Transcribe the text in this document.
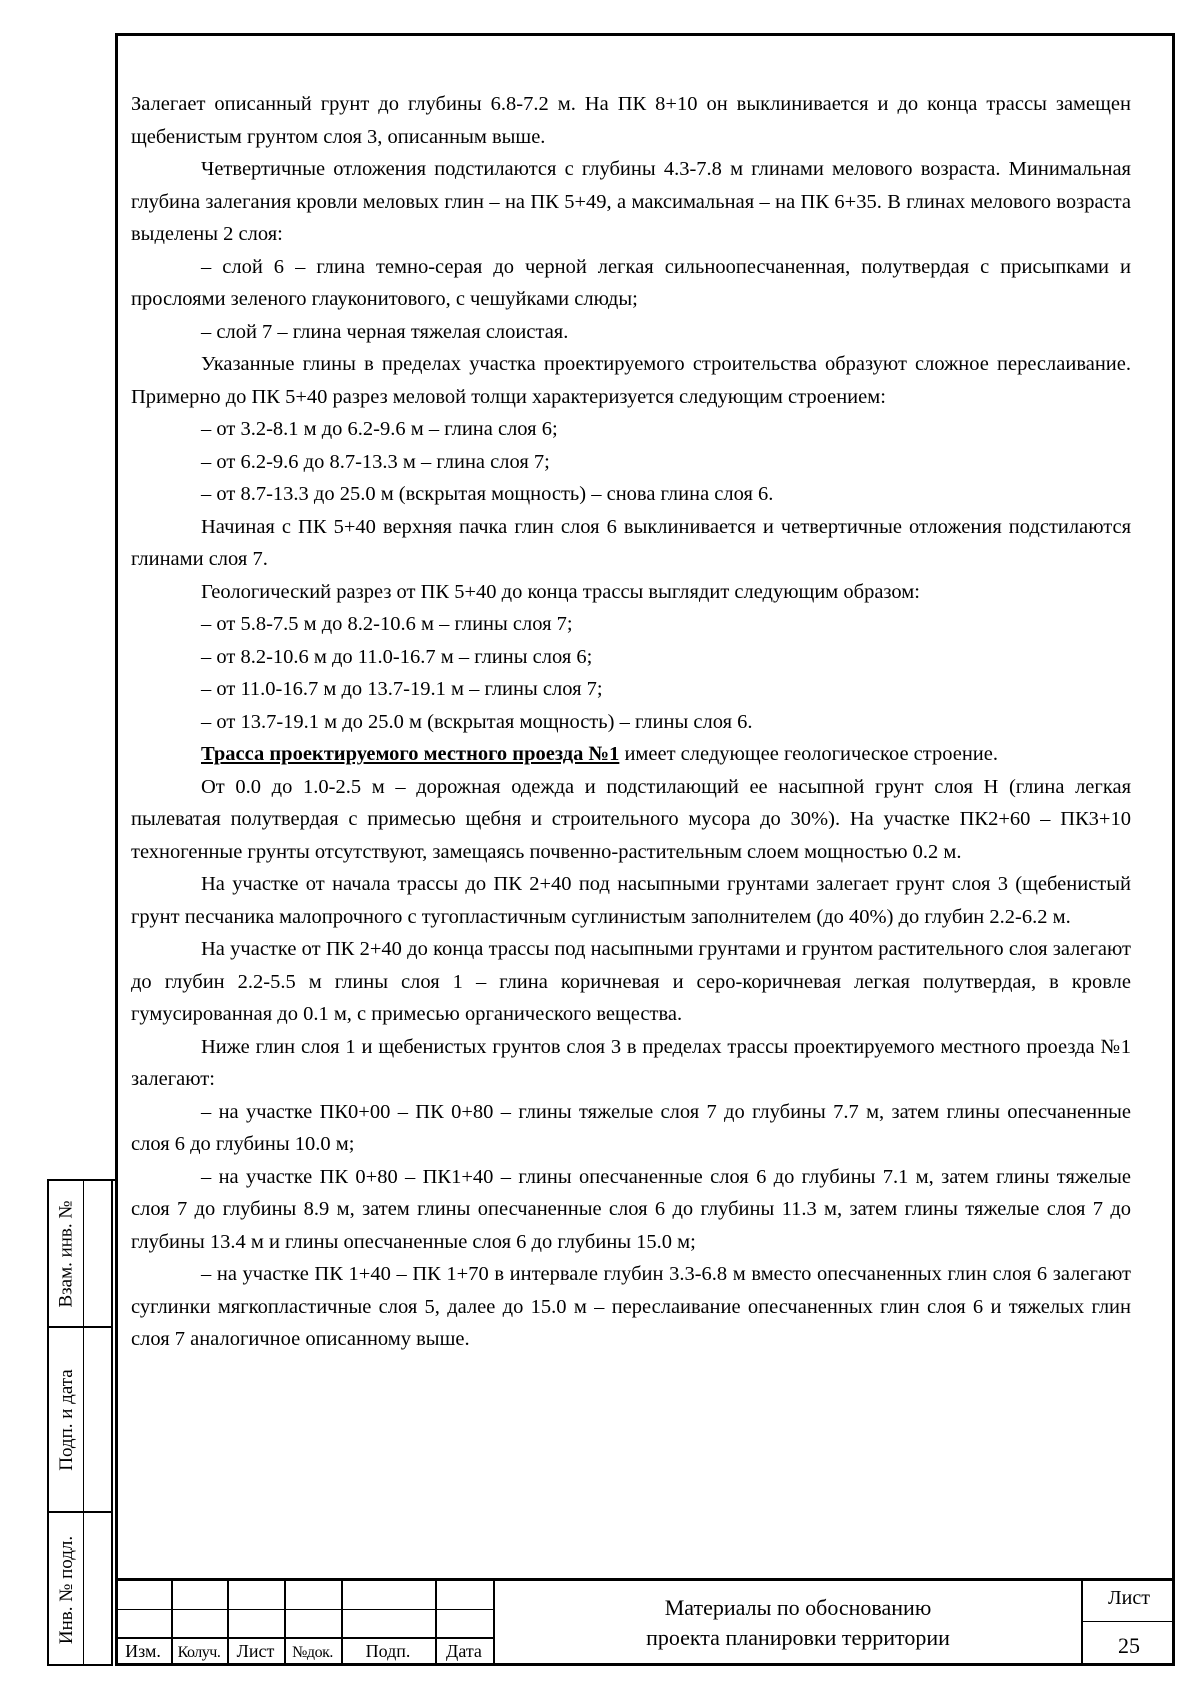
Залегает описанный грунт до глубины 6.8-7.2 м. На ПК 8+10 он выклинивается и до конца трассы замещен щебенистым грунтом слоя 3, описанным выше.

Четвертичные отложения подстилаются с глубины 4.3-7.8 м глинами мелового возраста. Минимальная глубина залегания кровли меловых глин – на ПК 5+49, а максимальная – на ПК 6+35. В глинах мелового возраста выделены 2 слоя:

– слой 6 – глина темно-серая до черной легкая сильноопесчаненная, полутвердая с присыпками и прослоями зеленого глауконитового, с чешуйками слюды;

– слой 7 – глина черная тяжелая слоистая.

Указанные глины в пределах участка проектируемого строительства образуют сложное переслаивание. Примерно до ПК 5+40 разрез меловой толщи характеризуется следующим строением:

– от 3.2-8.1 м до 6.2-9.6 м – глина слоя 6;

– от 6.2-9.6 до 8.7-13.3 м – глина слоя 7;

– от 8.7-13.3 до 25.0 м (вскрытая мощность) – снова глина слоя 6.

Начиная с ПК 5+40 верхняя пачка глин слоя 6 выклинивается и четвертичные отложения подстилаются глинами слоя 7.

Геологический разрез от ПК 5+40 до конца трассы выглядит следующим образом:

– от 5.8-7.5 м до 8.2-10.6 м – глины слоя 7;

– от 8.2-10.6 м до 11.0-16.7 м – глины слоя 6;

– от 11.0-16.7 м до 13.7-19.1 м – глины слоя 7;

– от 13.7-19.1 м до 25.0 м (вскрытая мощность) – глины слоя 6.

Трасса проектируемого местного проезда №1 имеет следующее геологическое строение.

От 0.0 до 1.0-2.5 м – дорожная одежда и подстилающий ее насыпной грунт слоя Н (глина легкая пылеватая полутвердая с примесью щебня и строительного мусора до 30%). На участке ПК2+60 – ПК3+10 техногенные грунты отсутствуют, замещаясь почвенно-растительным слоем мощностью 0.2 м.

На участке от начала трассы до ПК 2+40 под насыпными грунтами залегает грунт слоя 3 (щебенистый грунт песчаника малопрочного с тугопластичным суглинистым заполнителем (до 40%) до глубин 2.2-6.2 м.

На участке от ПК 2+40 до конца трассы под насыпными грунтами и грунтом растительного слоя залегают до глубин 2.2-5.5 м глины слоя 1 – глина коричневая и серо-коричневая легкая полутвердая, в кровле гумусированная до 0.1 м, с примесью органического вещества.

Ниже глин слоя 1 и щебенистых грунтов слоя 3 в пределах трассы проектируемого местного проезда №1 залегают:

– на участке ПК0+00 – ПК 0+80 – глины тяжелые слоя 7 до глубины 7.7 м, затем глины опесчаненные слоя 6 до глубины 10.0 м;

– на участке ПК 0+80 – ПК1+40 – глины опесчаненные слоя 6 до глубины 7.1 м, затем глины тяжелые слоя 7 до глубины 8.9 м, затем глины опесчаненные слоя 6 до глубины 11.3 м, затем глины тяжелые слоя 7 до глубины 13.4 м и глины опесчаненные слоя 6 до глубины 15.0 м;

– на участке ПК 1+40 – ПК 1+70 в интервале глубин 3.3-6.8 м вместо опесчаненных глин слоя 6 залегают суглинки мягкопластичные слоя 5, далее до 15.0 м – переслаивание опесчаненных глин слоя 6 и тяжелых глин слоя 7 аналогичное описанному выше.

Изм.	Колуч. Лист	№док.	Подп.	Дата
Материалы по обоснованию
проекта планировки территории
Лист
25
Взам. инв. №
Подп. и дата
Инв. № подл.
